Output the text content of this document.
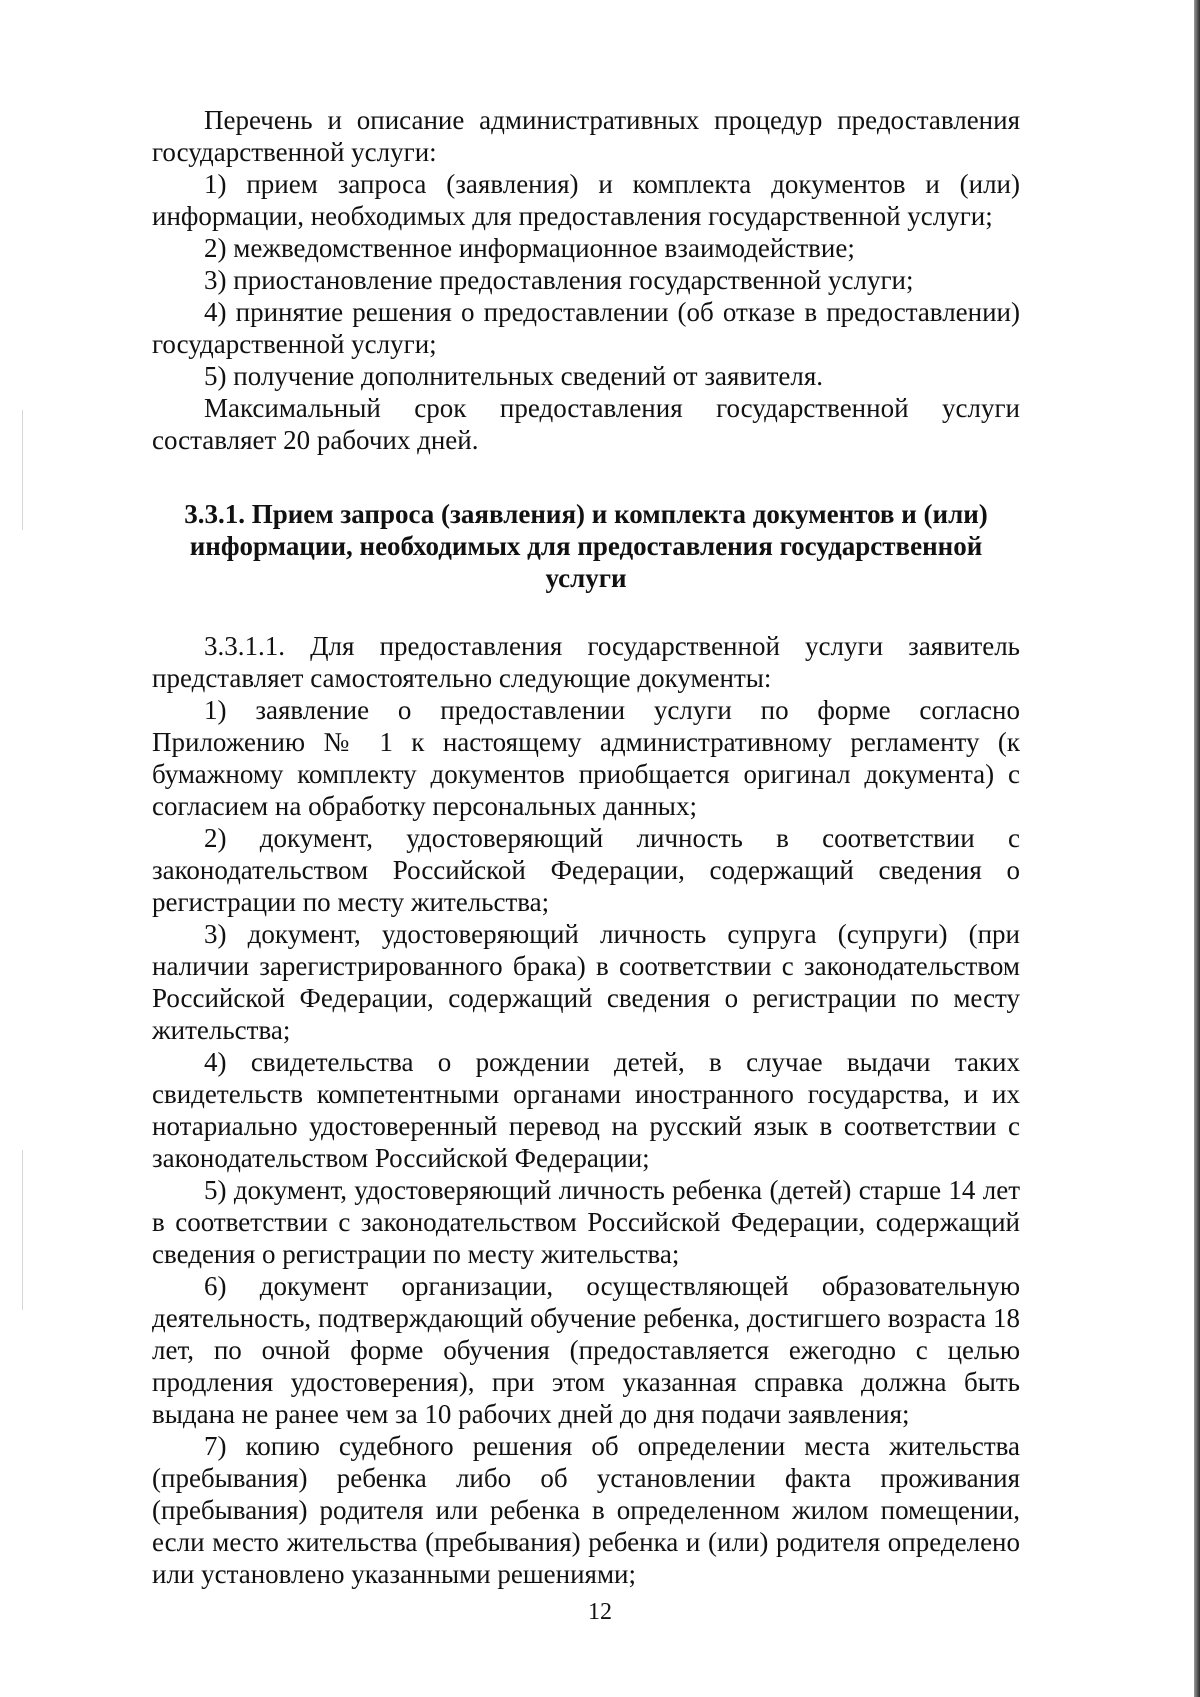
Перечень и описание административных процедур предоставления государственной услуги:

1) прием запроса (заявления) и комплекта документов и (или) информации, необходимых для предоставления государственной услуги;

2) межведомственное информационное взаимодействие;

3) приостановление предоставления государственной услуги;

4) принятие решения о предоставлении (об отказе в предоставлении) государственной услуги;

5) получение дополнительных сведений от заявителя.

Максимальный срок предоставления государственной услуги составляет 20 рабочих дней.

3.3.1. Прием запроса (заявления) и комплекта документов и (или) информации, необходимых для предоставления государственной услуги

3.3.1.1. Для предоставления государственной услуги заявитель представляет самостоятельно следующие документы:

1) заявление о предоставлении услуги по форме согласно Приложению № 1 к настоящему административному регламенту (к бумажному комплекту документов приобщается оригинал документа) с согласием на обработку персональных данных;

2) документ, удостоверяющий личность в соответствии с законодательством Российской Федерации, содержащий сведения о регистрации по месту жительства;

3) документ, удостоверяющий личность супруга (супруги) (при наличии зарегистрированного брака) в соответствии с законодательством Российской Федерации, содержащий сведения о регистрации по месту жительства;

4) свидетельства о рождении детей, в случае выдачи таких свидетельств компетентными органами иностранного государства, и их нотариально удостоверенный перевод на русский язык в соответствии с законодательством Российской Федерации;

5) документ, удостоверяющий личность ребенка (детей) старше 14 лет в соответствии с законодательством Российской Федерации, содержащий сведения о регистрации по месту жительства;

6) документ организации, осуществляющей образовательную деятельность, подтверждающий обучение ребенка, достигшего возраста 18 лет, по очной форме обучения (предоставляется ежегодно с целью продления удостоверения), при этом указанная справка должна быть выдана не ранее чем за 10 рабочих дней до дня подачи заявления;

7) копию судебного решения об определении места жительства (пребывания) ребенка либо об установлении факта проживания (пребывания) родителя или ребенка в определенном жилом помещении, если место жительства (пребывания) ребенка и (или) родителя определено или установлено указанными решениями;

12
